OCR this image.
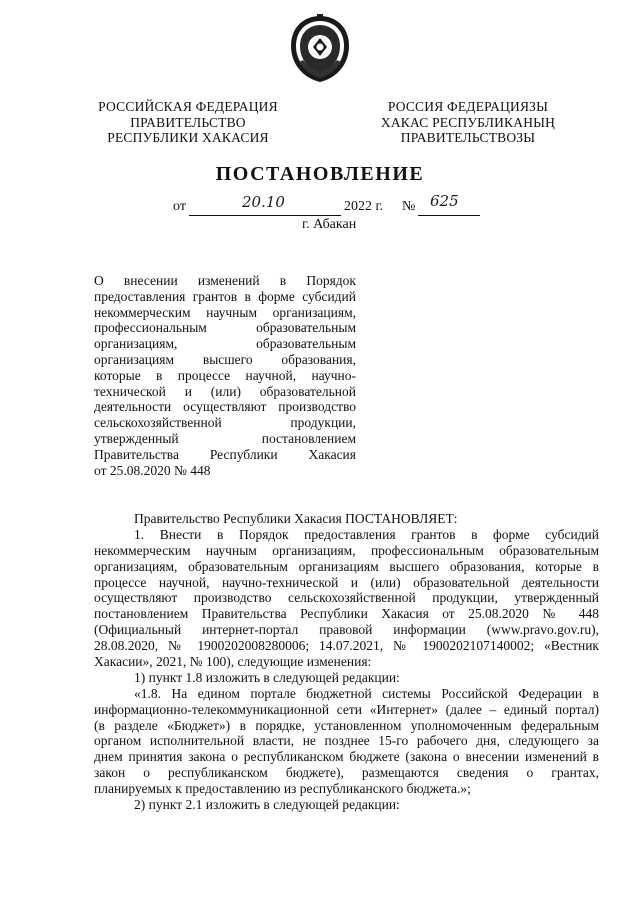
РОССИЙСКАЯ ФЕДЕРАЦИЯ
ПРАВИТЕЛЬСТВО
РЕСПУБЛИКИ ХАКАСИЯ
РОССИЯ ФЕДЕРАЦИЯЗЫ
ХАКАС РЕСПУБЛИКАНЫҢ
ПРАВИТЕЛЬСТВОЗЫ
ПОСТАНОВЛЕНИЕ
от	20.10	2022 г. № 625
г. Абакан
О внесении изменений в Порядок
предоставления грантов в форме субсидий
некоммерческим научным организациям,
профессиональным образовательным
организациям, образовательным
организациям высшего образования,
которые в процессе научной, научно-
технической и (или) образовательной
деятельности осуществляют производство
сельскохозяйственной продукции,
утвержденный постановлением
Правительства Республики Хакасия
от 25.08.2020 № 448
Правительство Республики Хакасия ПОСТАНОВЛЯЕТ:
1. Внести в Порядок предоставления грантов в форме субсидий
некоммерческим научным организациям, профессиональным образовательным
организациям, образовательным организациям высшего образования, которые в
процессе научной, научно-технической и (или) образовательной деятельности
осуществляют производство сельскохозяйственной продукции, утвержденный
постановлением Правительства Республики Хакасия от 25.08.2020 № 448
(Официальный интернет-портал правовой информации (www.pravo.gov.ru),
28.08.2020, № 1900202008280006; 14.07.2021, № 1900202107140002; «Вестник
Хакасии», 2021, № 100), следующие изменения:
1) пункт 1.8 изложить в следующей редакции:
«1.8. На едином портале бюджетной системы Российской Федерации в
информационно-телекоммуникационной сети «Интернет» (далее – единый портал)
(в разделе «Бюджет») в порядке, установленном уполномоченным федеральным
органом исполнительной власти, не позднее 15-го рабочего дня, следующего за
днем принятия закона о республиканском бюджете (закона о внесении изменений в
закон о республиканском бюджете), размещаются сведения о грантах,
планируемых к предоставлению из республиканского бюджета.»;
2) пункт 2.1 изложить в следующей редакции:
